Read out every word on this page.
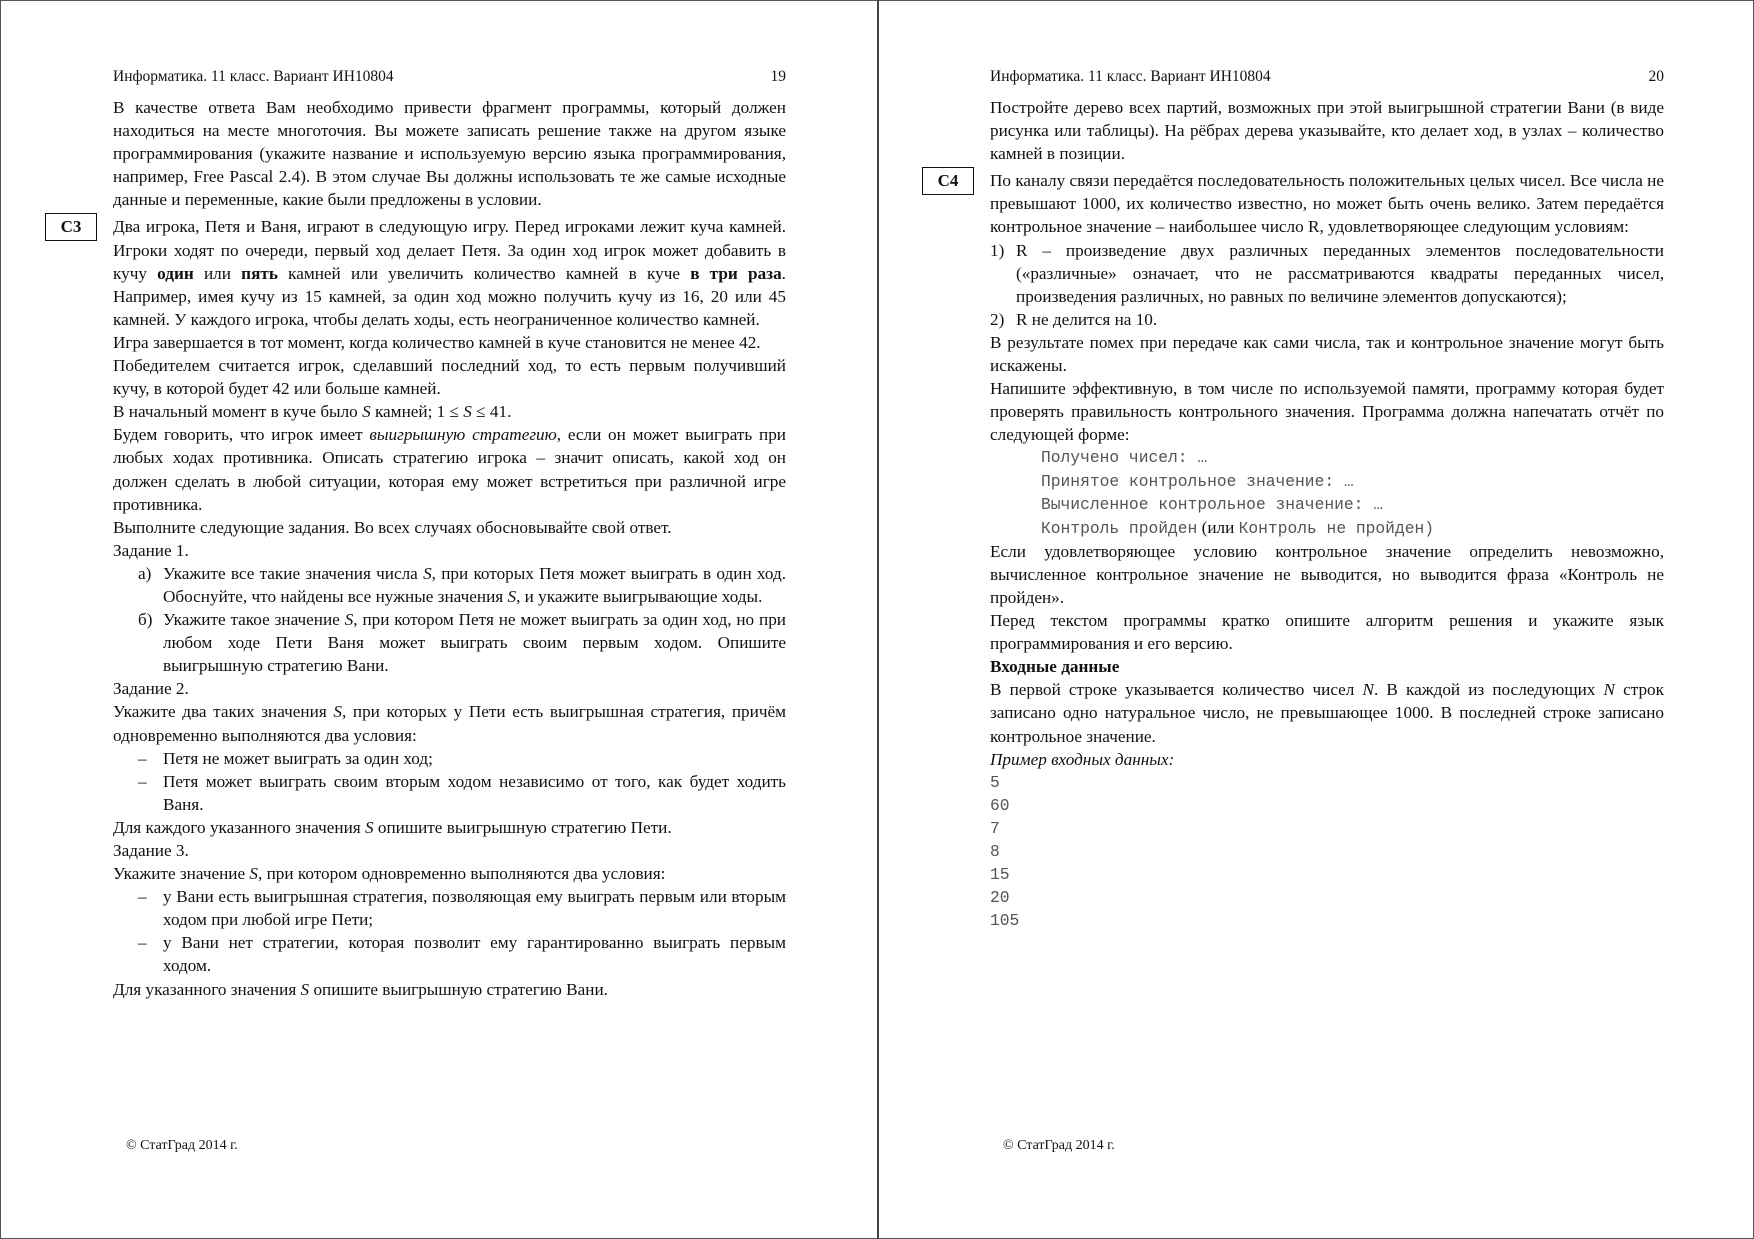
Информатика. 11 класс. Вариант ИН10804	19

В качестве ответа Вам необходимо привести фрагмент программы, который должен находиться на месте многоточия. Вы можете записать решение также на другом языке программирования (укажите название и используемую версию языка программирования, например, Free Pascal 2.4). В этом случае Вы должны использовать те же самые исходные данные и переменные, какие были предложены в условии.

C3	Два игрока, Петя и Ваня, играют в следующую игру. Перед игроками лежит куча камней. Игроки ходят по очереди, первый ход делает Петя. За один ход игрок может добавить в кучу один или пять камней или увеличить количество камней в куче в три раза. Например, имея кучу из 15 камней, за один ход можно получить кучу из 16, 20 или 45 камней. У каждого игрока, чтобы делать ходы, есть неограниченное количество камней.

Игра завершается в тот момент, когда количество камней в куче становится не менее 42.

Победителем считается игрок, сделавший последний ход, то есть первым получивший кучу, в которой будет 42 или больше камней.

В начальный момент в куче было S камней; 1 ≤ S ≤ 41.

Будем говорить, что игрок имеет выигрышную стратегию, если он может выиграть при любых ходах противника. Описать стратегию игрока – значит описать, какой ход он должен сделать в любой ситуации, которая ему может встретиться при различной игре противника.

Выполните следующие задания. Во всех случаях обосновывайте свой ответ.

Задание 1.

а) Укажите все такие значения числа S, при которых Петя может выиграть в один ход. Обоснуйте, что найдены все нужные значения S, и укажите выигрывающие ходы.
б) Укажите такое значение S, при котором Петя не может выиграть за один ход, но при любом ходе Пети Ваня может выиграть своим первым ходом. Опишите выигрышную стратегию Вани.

Задание 2.

Укажите два таких значения S, при которых у Пети есть выигрышная стратегия, причём одновременно выполняются два условия:

– Петя не может выиграть за один ход;
– Петя может выиграть своим вторым ходом независимо от того, как будет ходить Ваня.

Для каждого указанного значения S опишите выигрышную стратегию Пети.

Задание 3.

Укажите значение S, при котором одновременно выполняются два условия:

– у Вани есть выигрышная стратегия, позволяющая ему выиграть первым или вторым ходом при любой игре Пети;
– у Вани нет стратегии, которая позволит ему гарантированно выиграть первым ходом.

Для указанного значения S опишите выигрышную стратегию Вани.

© СтатГрад 2014 г.
Информатика. 11 класс. Вариант ИН10804	20

Постройте дерево всех партий, возможных при этой выигрышной стратегии Вани (в виде рисунка или таблицы). На рёбрах дерева указывайте, кто делает ход, в узлах – количество камней в позиции.

C4	По каналу связи передаётся последовательность положительных целых чисел. Все числа не превышают 1000, их количество известно, но может быть очень велико. Затем передаётся контрольное значение – наибольшее число R, удовлетворяющее следующим условиям:

1) R – произведение двух различных переданных элементов последовательности («различные» означает, что не рассматриваются квадраты переданных чисел, произведения различных, но равных по величине элементов допускаются);
2) R не делится на 10.

В результате помех при передаче как сами числа, так и контрольное значение могут быть искажены.

Напишите эффективную, в том числе по используемой памяти, программу которая будет проверять правильность контрольного значения. Программа должна напечатать отчёт по следующей форме:

Получено чисел: …
Принятое контрольное значение: …
Вычисленное контрольное значение: …
Контроль пройден (или Контроль не пройден)

Если удовлетворяющее условию контрольное значение определить невозможно, вычисленное контрольное значение не выводится, но выводится фраза «Контроль не пройден».

Перед текстом программы кратко опишите алгоритм решения и укажите язык программирования и его версию.

Входные данные

В первой строке указывается количество чисел N. В каждой из последующих N строк записано одно натуральное число, не превышающее 1000. В последней строке записано контрольное значение.

Пример входных данных:

5
60
7
8
15
20
105
© СтатГрад 2014 г.
